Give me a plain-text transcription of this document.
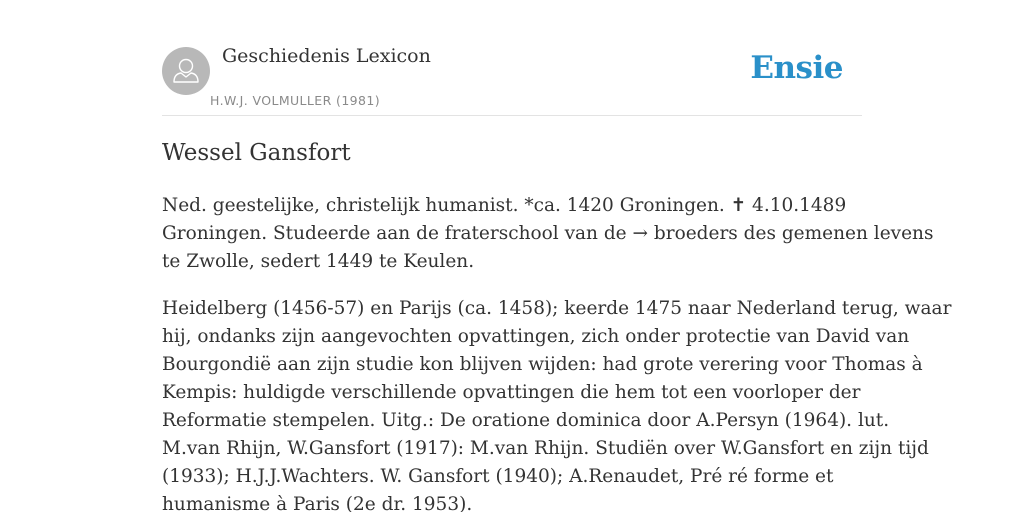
Geschiedenis Lexicon
H.W.J. VOLMULLER (1981)
Ensie
Wessel Gansfort

Ned. geestelijke, christelijk humanist. *ca. 1420 Groningen. ✝ 4.10.1489
Groningen. Studeerde aan de fraterschool van de → broeders des gemenen levens
te Zwolle, sedert 1449 te Keulen.

Heidelberg (1456-57) en Parijs (ca. 1458); keerde 1475 naar Nederland terug, waar
hij, ondanks zijn aangevochten opvattingen, zich onder protectie van David van
Bourgondië aan zijn studie kon blijven wijden: had grote verering voor Thomas à
Kempis: huldigde verschillende opvattingen die hem tot een voorloper der
Reformatie stempelen. Uitg.: De oratione dominica door A.Persyn (1964). lut.
M.van Rhijn, W.Gansfort (1917): M.van Rhijn. Studiën over W.Gansfort en zijn tijd
(1933); H.J.J.Wachters. W. Gansfort (1940); A.Renaudet, Pré ré forme et
humanisme à Paris (2e dr. 1953).
